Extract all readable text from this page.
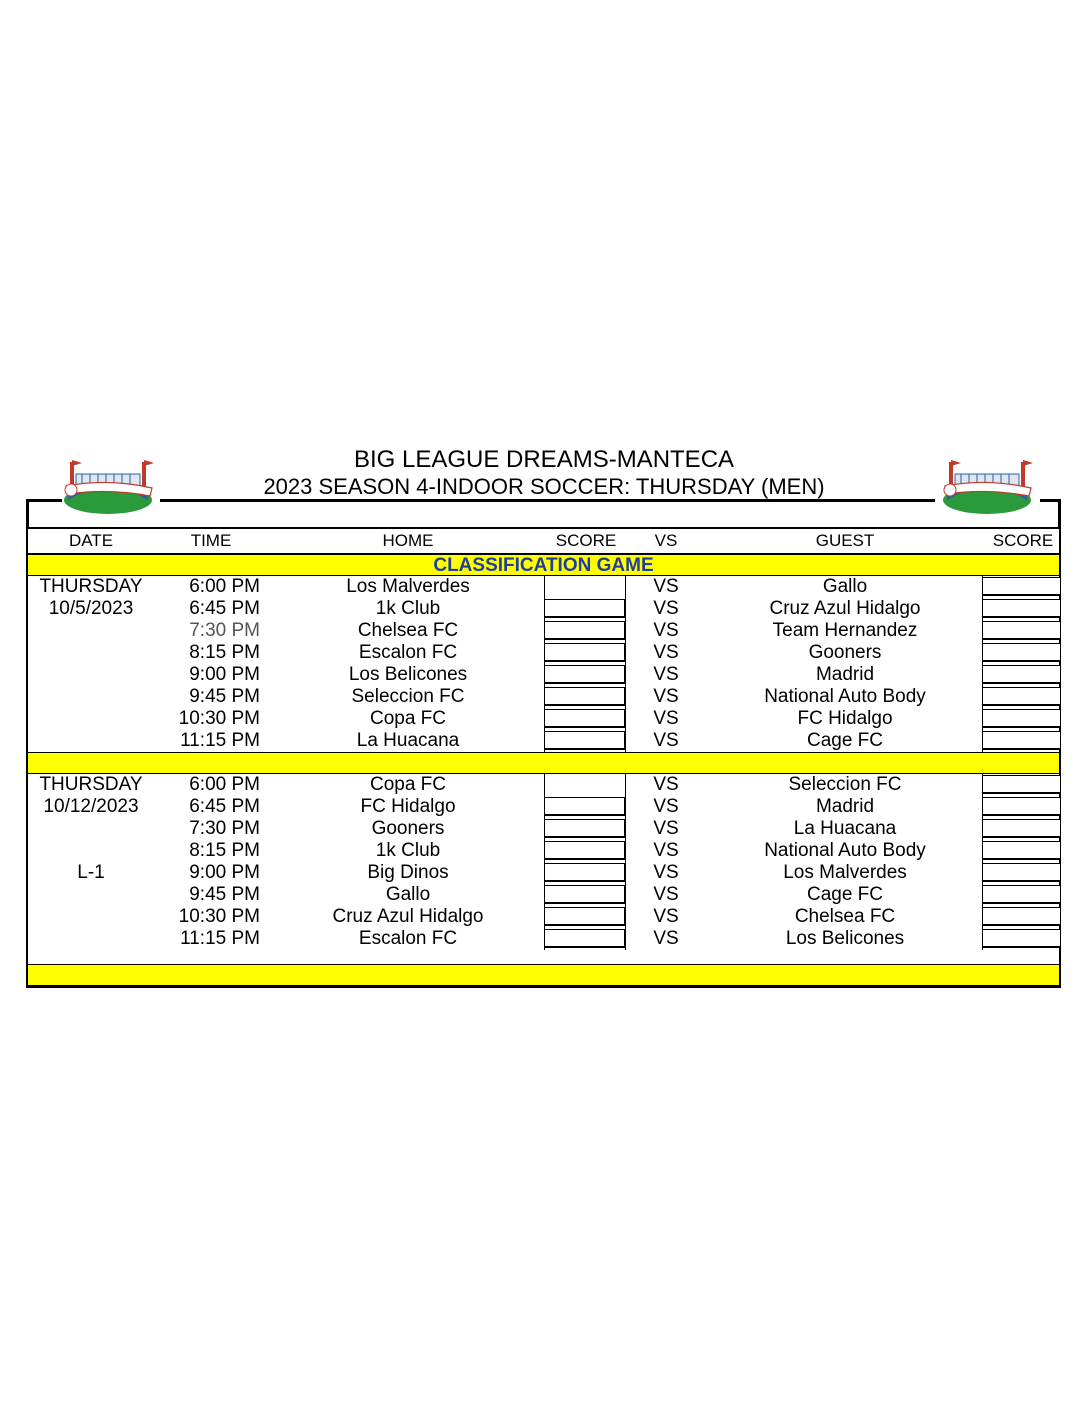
BIG LEAGUE DREAMS-MANTECA
2023 SEASON 4-INDOOR SOCCER: THURSDAY (MEN)
DATE	TIME	HOME	SCORE	VS	GUEST	SCORE
CLASSIFICATION GAME
THURSDAY	6:00 PM	Los Malverdes	VS	Gallo
10/5/2023	6:45 PM	1k Club	VS	Cruz Azul Hidalgo
7:30 PM	Chelsea FC	VS	Team Hernandez
8:15 PM	Escalon FC	VS	Gooners
9:00 PM	Los Belicones	VS	Madrid
9:45 PM	Seleccion FC	VS	National Auto Body
10:30 PM	Copa FC	VS	FC Hidalgo
11:15 PM	La Huacana	VS	Cage FC
THURSDAY	6:00 PM	Copa FC	VS	Seleccion FC
10/12/2023	6:45 PM	FC Hidalgo	VS	Madrid
7:30 PM	Gooners	VS	La Huacana
8:15 PM	1k Club	VS	National Auto Body
L-1	9:00 PM	Big Dinos	VS	Los Malverdes
9:45 PM	Gallo	VS	Cage FC
10:30 PM	Cruz Azul Hidalgo	VS	Chelsea FC
11:15 PM	Escalon FC	VS	Los Belicones
